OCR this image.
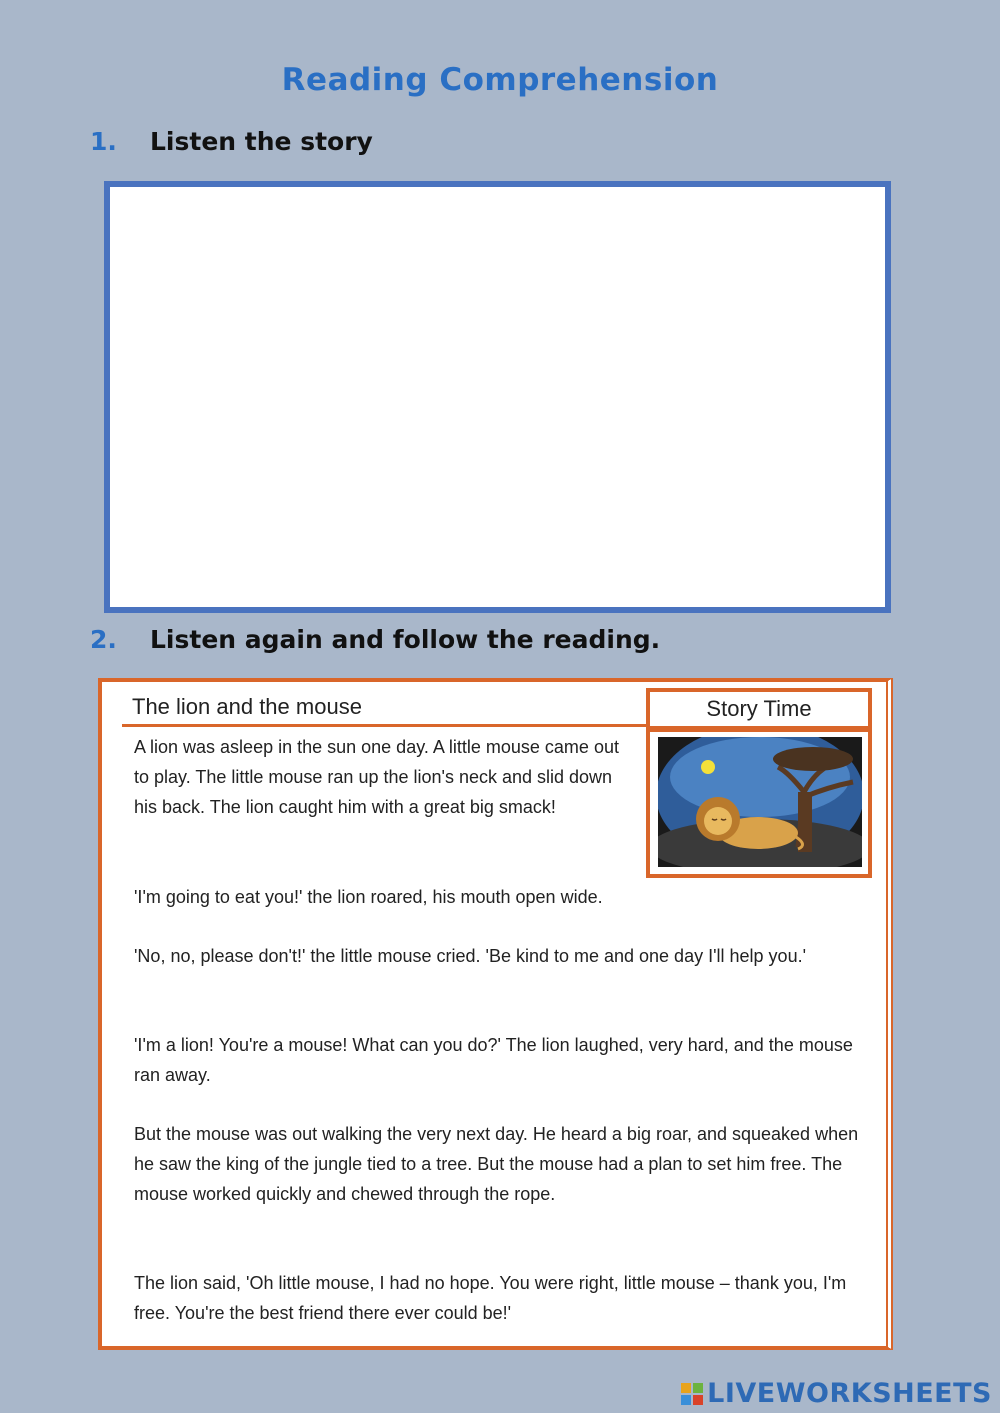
Reading Comprehension
1. Listen the story
2. Listen again and follow the reading.
The lion and the mouse	Story Time

A lion was asleep in the sun one day. A little mouse came out to play. The little mouse ran up the lion's neck and slid down his back. The lion caught him with a great big smack!

'I'm going to eat you!' the lion roared, his mouth open wide.

'No, no, please don't!' the little mouse cried. 'Be kind to me and one day I'll help you.'

'I'm a lion! You're a mouse! What can you do?' The lion laughed, very hard, and the mouse ran away.

But the mouse was out walking the very next day. He heard a big roar, and squeaked when he saw the king of the jungle tied to a tree. But the mouse had a plan to set him free. The mouse worked quickly and chewed through the rope.

The lion said, 'Oh little mouse, I had no hope. You were right, little mouse – thank you, I'm free. You're the best friend there ever could be!'

LIVEWORKSHEETS
